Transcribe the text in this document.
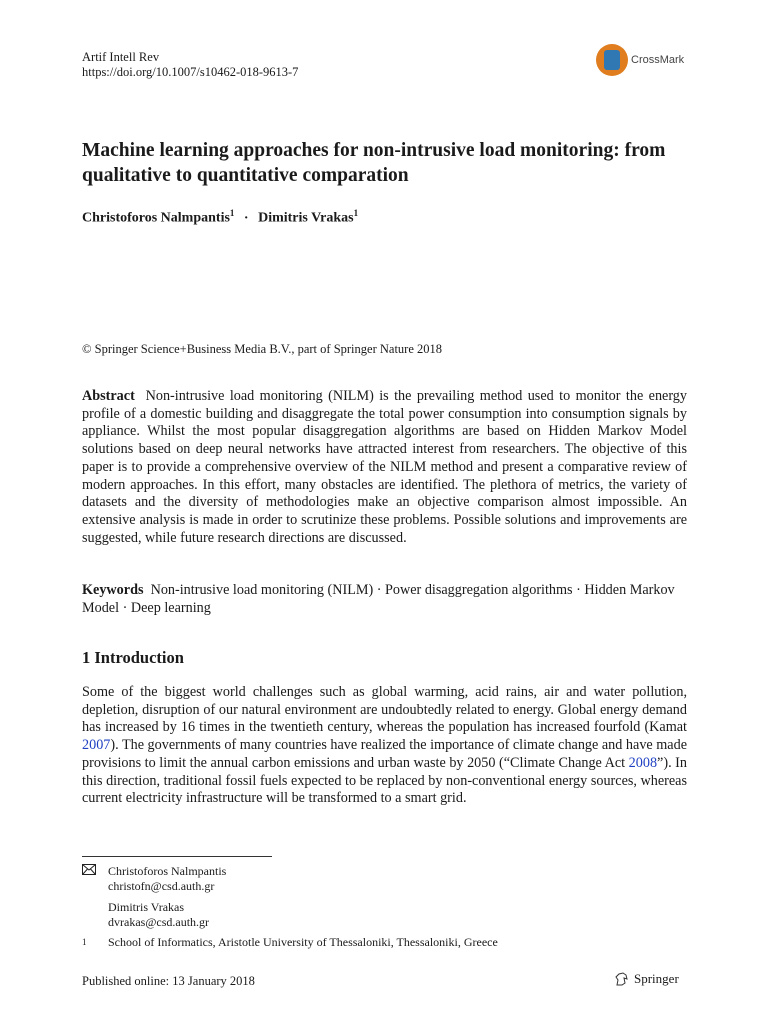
Artif Intell Rev
https://doi.org/10.1007/s10462-018-9613-7
CrossMark
Machine learning approaches for non-intrusive load monitoring: from qualitative to quantitative comparation
Christoforos Nalmpantis$^1$ · Dimitris Vrakas$^1$
© Springer Science+Business Media B.V., part of Springer Nature 2018
Abstract Non-intrusive load monitoring (NILM) is the prevailing method used to monitor the energy profile of a domestic building and disaggregate the total power consumption into consumption signals by appliance. Whilst the most popular disaggregation algorithms are based on Hidden Markov Model solutions based on deep neural networks have attracted interest from researchers. The objective of this paper is to provide a comprehensive overview of the NILM method and present a comparative review of modern approaches. In this effort, many obstacles are identified. The plethora of metrics, the variety of datasets and the diversity of methodologies make an objective comparison almost impossible. An extensive analysis is made in order to scrutinize these problems. Possible solutions and improvements are suggested, while future research directions are discussed.
Keywords Non-intrusive load monitoring (NILM) · Power disaggregation algorithms · Hidden Markov Model · Deep learning
1 Introduction
Some of the biggest world challenges such as global warming, acid rains, air and water pollution, depletion, disruption of our natural environment are undoubtedly related to energy. Global energy demand has increased by 16 times in the twentieth century, whereas the population has increased fourfold (Kamat 2007). The governments of many countries have realized the importance of climate change and have made provisions to limit the annual carbon emissions and urban waste by 2050 (“Climate Change Act 2008”). In this direction, traditional fossil fuels expected to be replaced by non-conventional energy sources, whereas current electricity infrastructure will be transformed to a smart grid.
Christoforos Nalmpantis
christofn@csd.auth.gr
Dimitris Vrakas
dvrakas@csd.auth.gr
1 School of Informatics, Aristotle University of Thessaloniki, Thessaloniki, Greece
Published online: 13 January 2018	Springer
